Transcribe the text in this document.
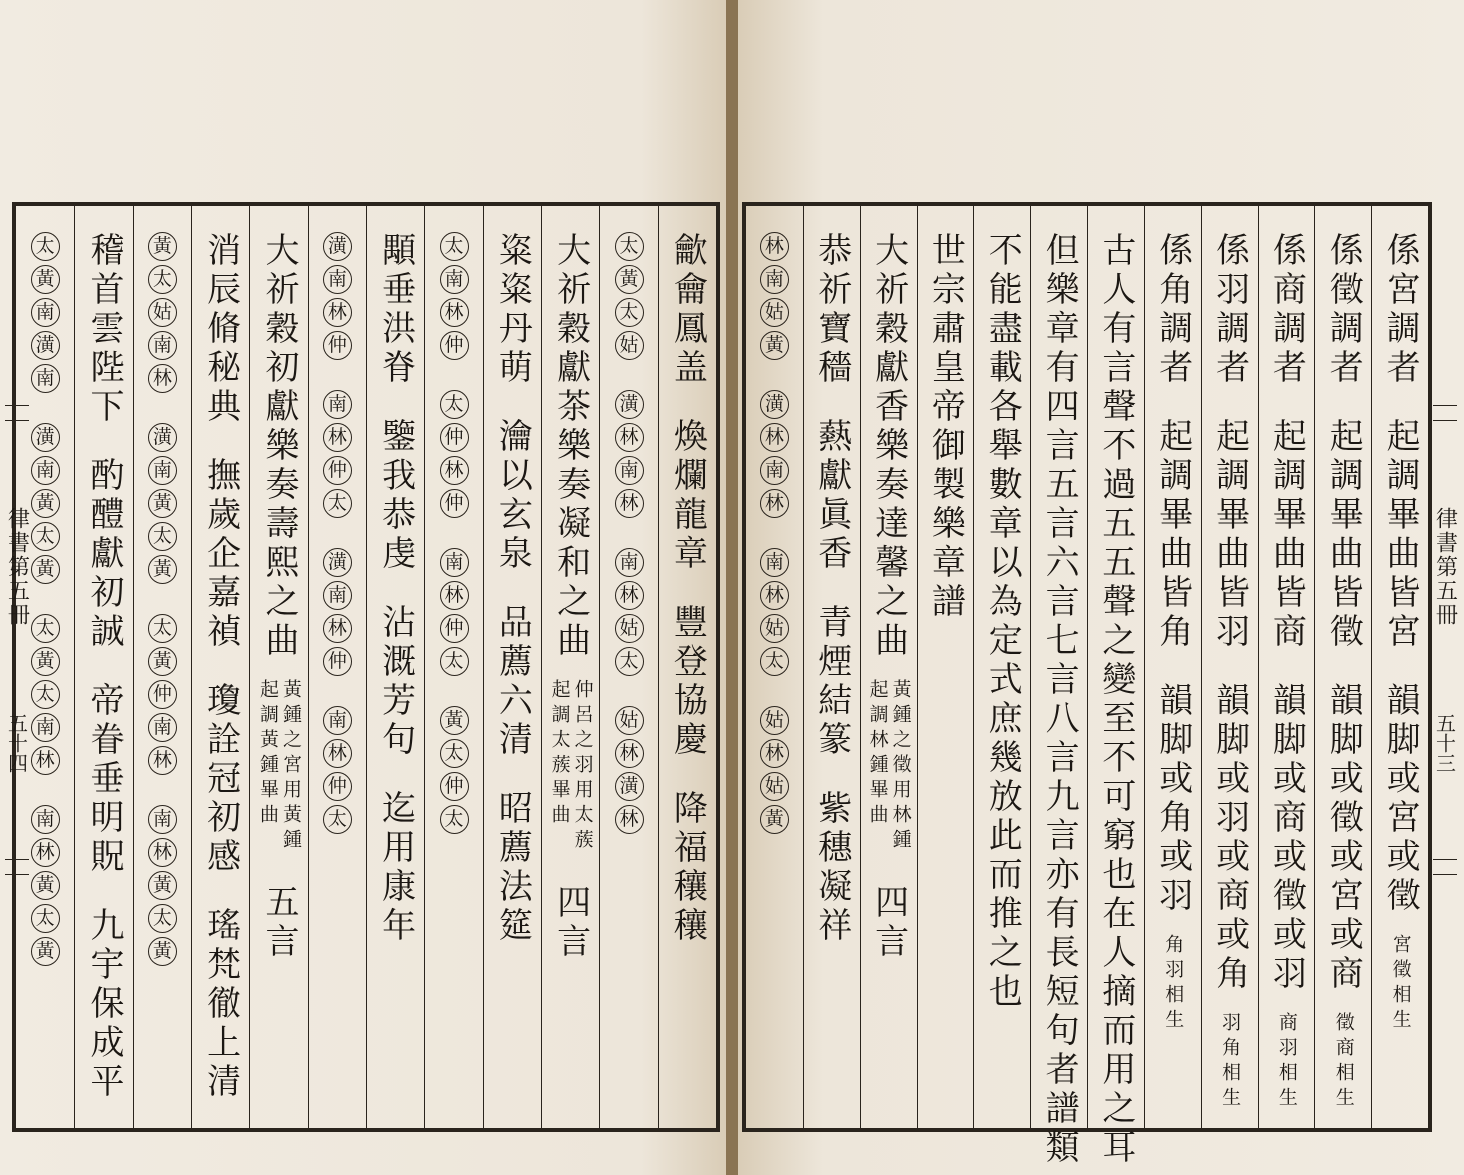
龡龠鳳盖
煥爛龍章
豐登協慶
降福穰穰
太
黃
太
姑
潢
林
南
林
南
林
姑
太
姑
林
潢
林
大祈穀獻茶樂奏凝和之曲
仲呂之羽用太蔟
起調太蔟畢曲
四言
粢粢丹萌
瀹以玄泉
品薦六清
昭薦法筵
太
南
林
仲
太
仲
林
仲
南
林
仲
太
黃
太
仲
太
顒垂洪脊
鑒我恭虔
沾溉芳句
迄用康年
潢
南
林
仲
南
林
仲
太
潢
南
林
仲
南
林
仲
太
大祈穀初獻樂奏壽熙之曲
黃鍾之宮用黃鍾
起調黃鍾畢曲
五言
消辰脩秘典
撫歲企嘉禎
瓊詮冠初感
瑤梵徹上清
黃
太
姑
南
林
潢
南
黃
太
黃
太
黃
仲
南
林
南
林
黃
太
黃
稽首雲陛下
酌醴獻初誠
帝眷垂明貺
九宇保成平
太
黃
南
潢
南
潢
南
黃
太
黃
太
黃
太
南
林
南
林
黃
太
黃
係宮調者
起調畢曲皆宮
韻脚或宮或徵
宮徵相生
係徵調者
起調畢曲皆徵
韻脚或徵或宮或商
徵商相生
係商調者
起調畢曲皆商
韻脚或商或徵或羽
商羽相生
係羽調者
起調畢曲皆羽
韻脚或羽或商或角
羽角相生
係角調者
起調畢曲皆角
韻脚或角或羽
角羽相生
古人有言聲不過五五聲之變至不可窮也在人摘而用之耳
但樂章有四言五言六言七言八言九言亦有長短句者譜類
不能盡載各舉數章以為定式庶幾放此而推之也
世宗肅皇帝御製樂章譜
大祈穀獻香樂奏達馨之曲
黃鍾之徵用林鍾
起調林鍾畢曲
四言
恭祈寶穡
爇獻眞香
青煙結篆
紫穗凝祥
林
南
姑
黃
潢
林
南
林
南
林
姑
太
姑
林
姑
黃
律書第五冊
五十四
律書第五冊
五十三
